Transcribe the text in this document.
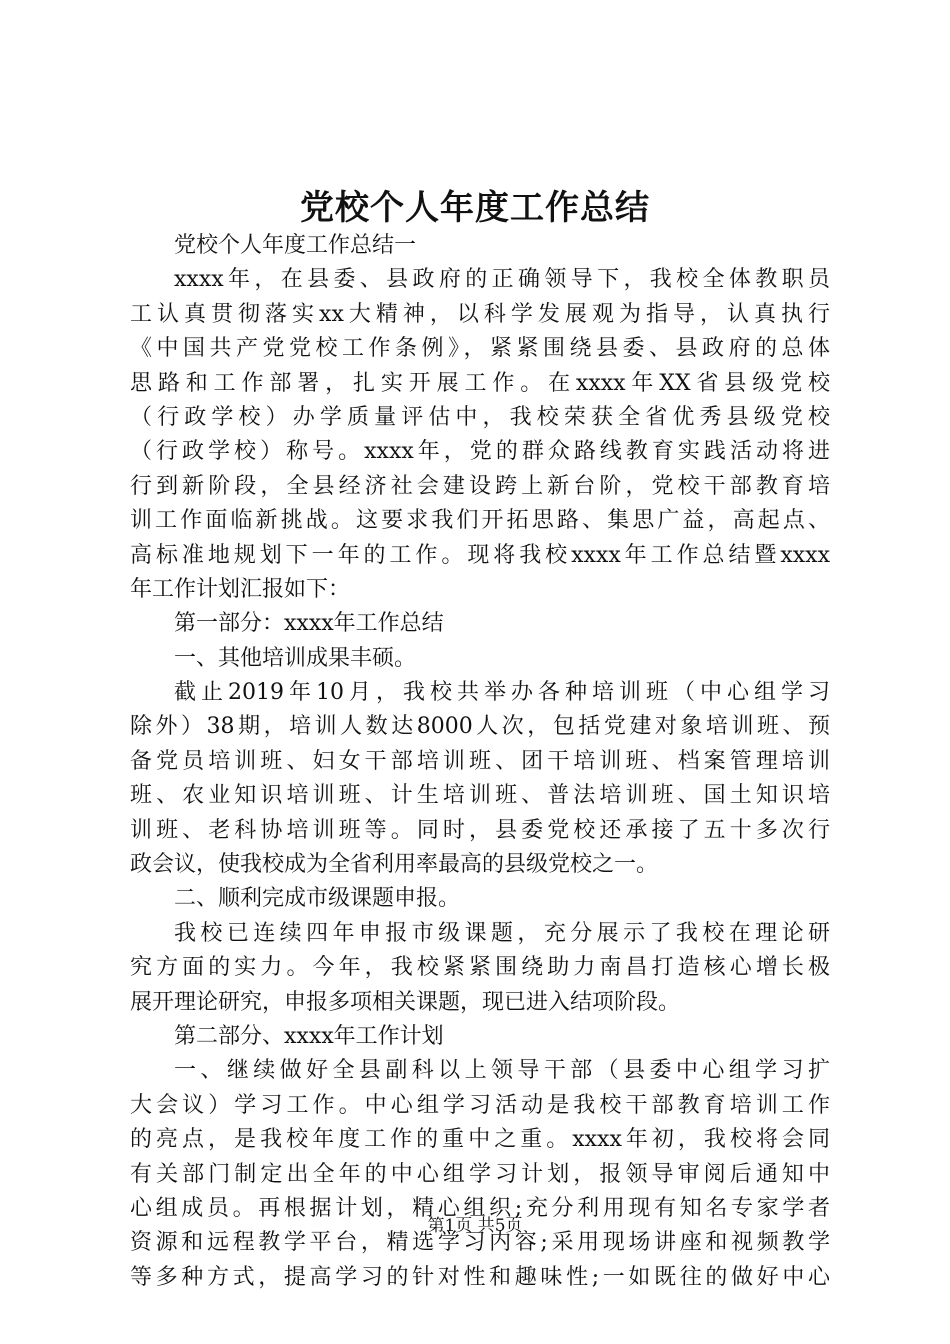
党校个人年度工作总结
党校个人年度工作总结一
xxxx年，在县委、县政府的正确领导下，我校全体教职员
工认真贯彻落实xx大精神，以科学发展观为指导，认真执行
《中国共产党党校工作条例》，紧紧围绕县委、县政府的总体
思路和工作部署，扎实开展工作。在xxxx年XX省县级党校
（行政学校）办学质量评估中，我校荣获全省优秀县级党校
（行政学校）称号。xxxx年，党的群众路线教育实践活动将进
行到新阶段，全县经济社会建设跨上新台阶，党校干部教育培
训工作面临新挑战。这要求我们开拓思路、集思广益，高起点、
高标准地规划下一年的工作。现将我校xxxx年工作总结暨xxxx
年工作计划汇报如下：
第一部分：xxxx年工作总结
一、其他培训成果丰硕。
截止2019年10月，我校共举办各种培训班（中心组学习
除外）38期，培训人数达8000人次，包括党建对象培训班、预
备党员培训班、妇女干部培训班、团干培训班、档案管理培训
班、农业知识培训班、计生培训班、普法培训班、国土知识培
训班、老科协培训班等。同时，县委党校还承接了五十多次行
政会议，使我校成为全省利用率最高的县级党校之一。
二、顺利完成市级课题申报。
我校已连续四年申报市级课题，充分展示了我校在理论研
究方面的实力。今年，我校紧紧围绕助力南昌打造核心增长极
展开理论研究，申报多项相关课题，现已进入结项阶段。
第二部分、xxxx年工作计划
一、继续做好全县副科以上领导干部（县委中心组学习扩
大会议）学习工作。中心组学习活动是我校干部教育培训工作
的亮点，是我校年度工作的重中之重。xxxx年初，我校将会同
有关部门制定出全年的中心组学习计划，报领导审阅后通知中
心组成员。再根据计划，精心组织;充分利用现有知名专家学者
资源和远程教学平台，精选学习内容;采用现场讲座和视频教学
等多种方式，提高学习的针对性和趣味性;一如既往的做好中心
第1页 共5页
